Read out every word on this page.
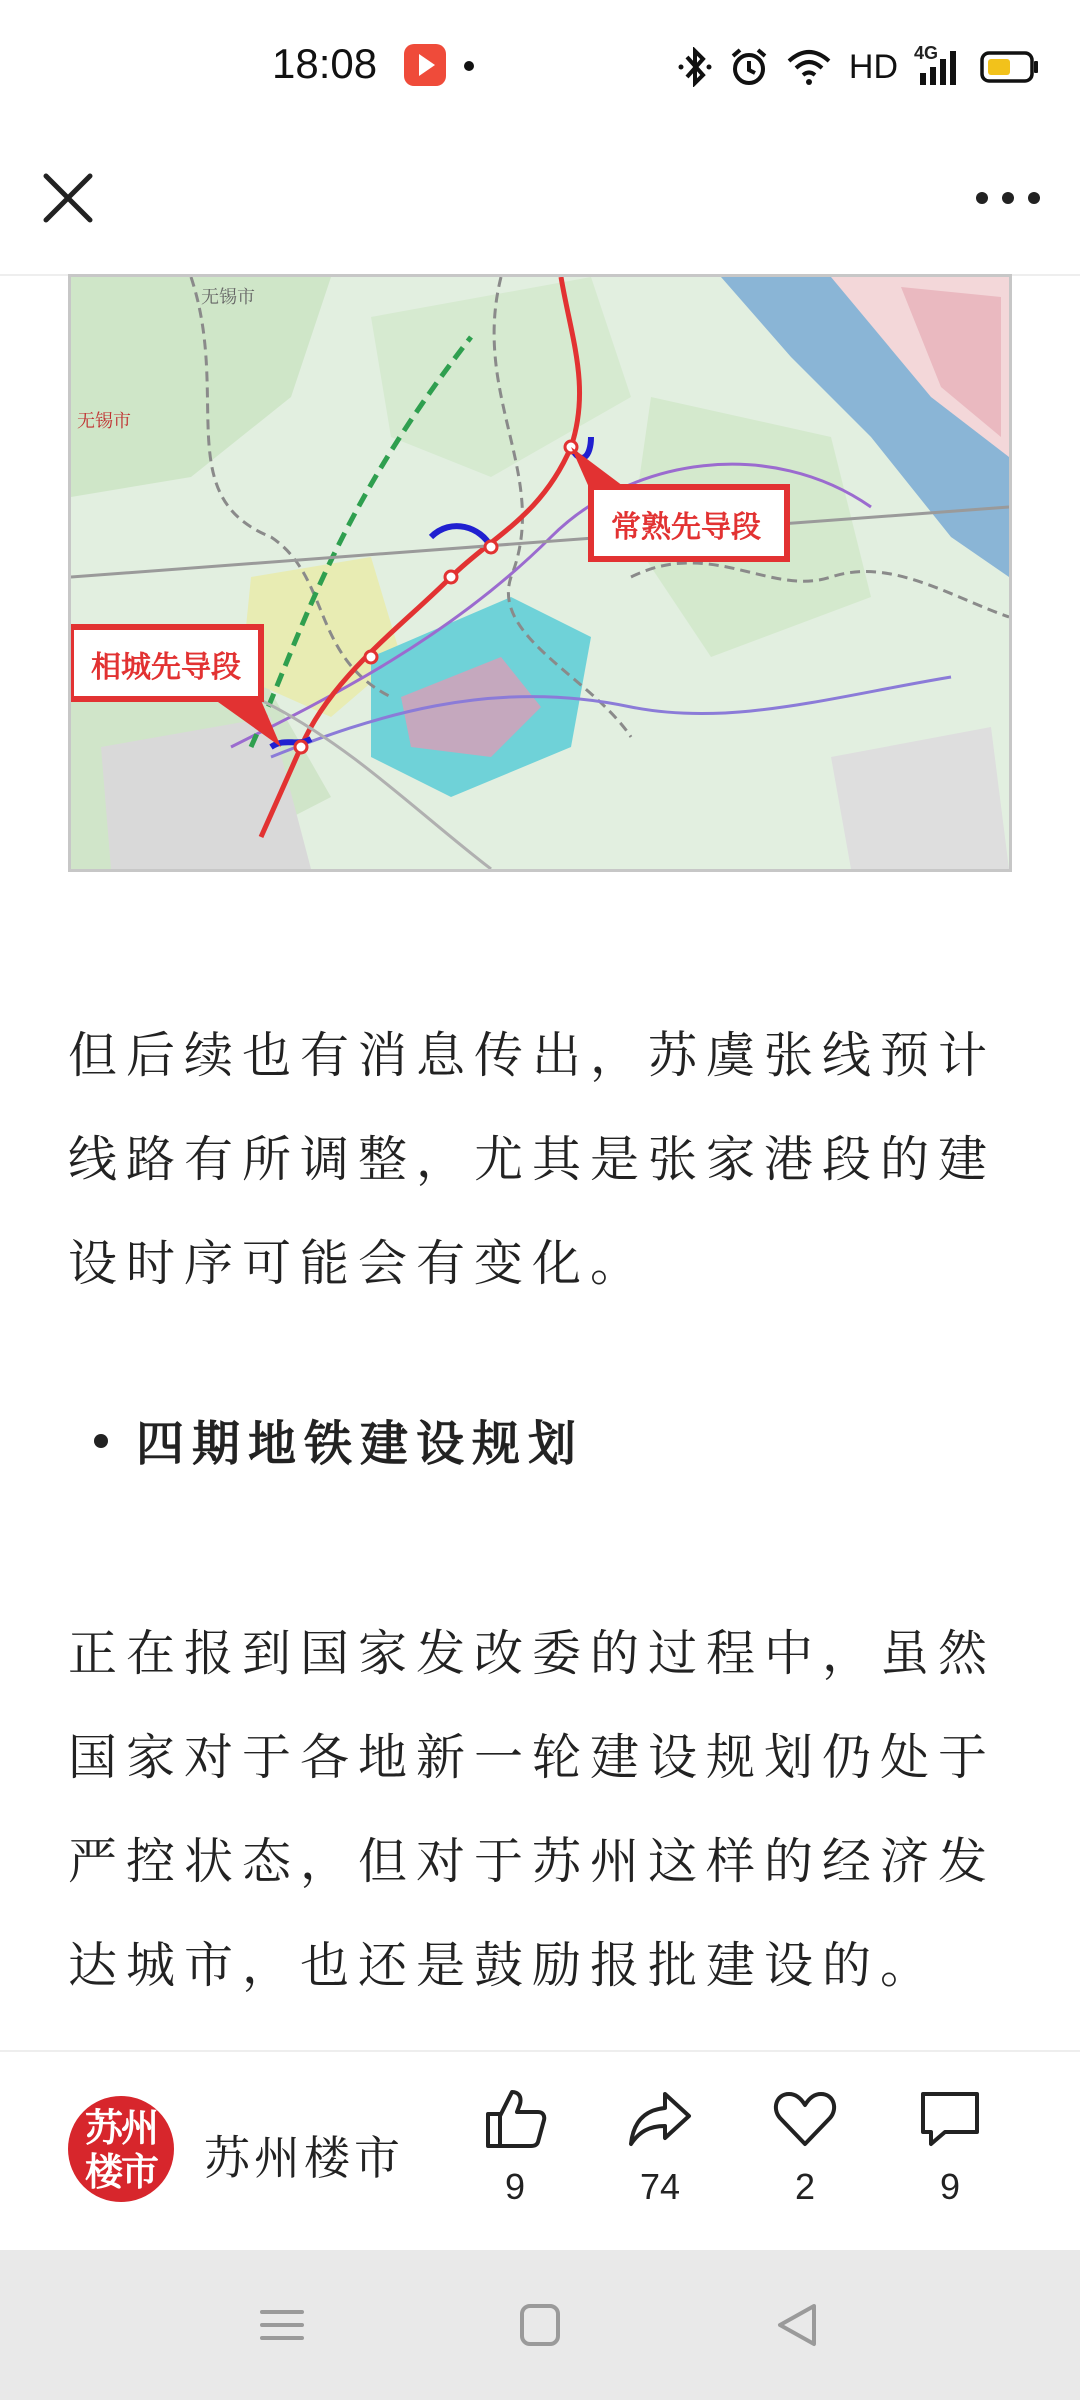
18:08	HD 4G
常熟先导段
相城先导段
无锡市
无锡市

但后续也有消息传出，苏虞张线预计线路有所调整，尤其是张家港段的建设时序可能会有变化。

四期地铁建设规划

正在报到国家发改委的过程中，虽然国家对于各地新一轮建设规划仍处于严控状态，但对于苏州这样的经济发达城市，也还是鼓励报批建设的。

苏州
楼市	苏州楼市
9	74	2	9
